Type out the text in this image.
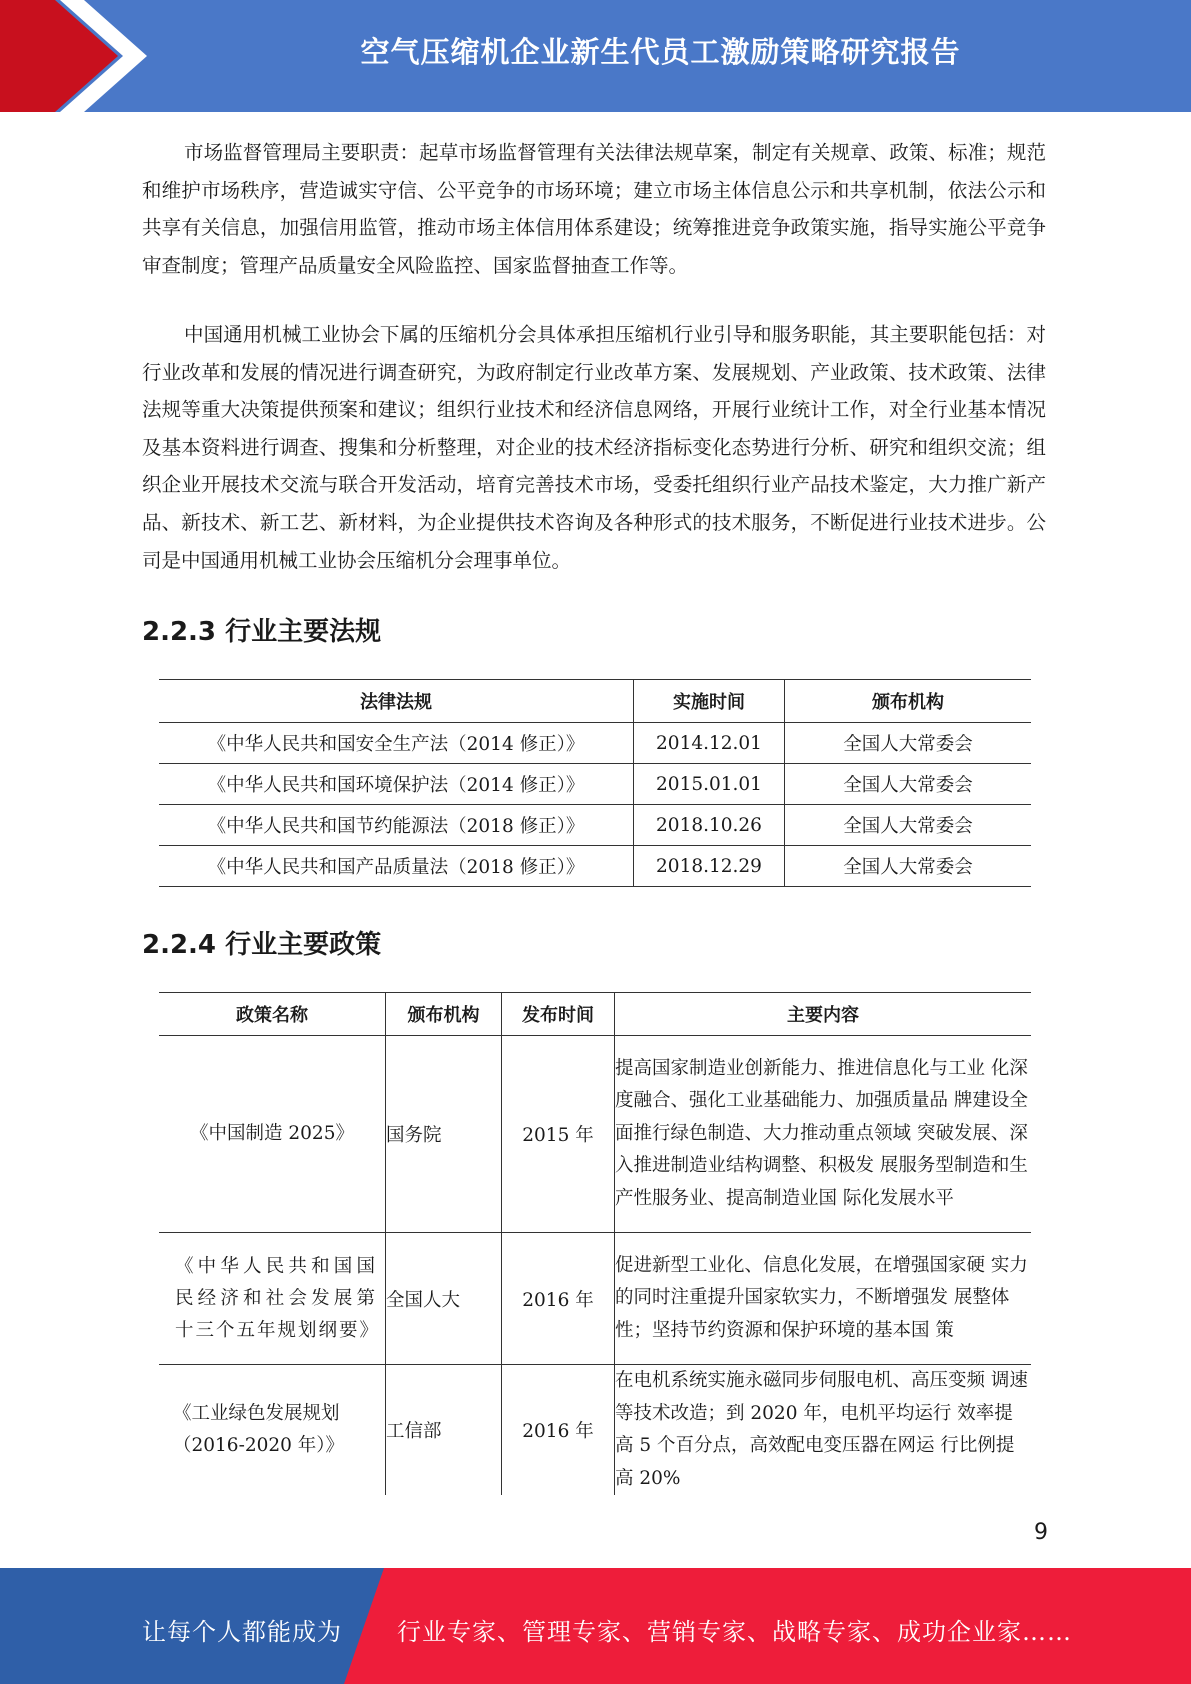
空气压缩机企业新生代员工激励策略研究报告

市场监督管理局主要职责：起草市场监督管理有关法律法规草案，制定有关规章、政策、标准；规范和维护市场秩序，营造诚实守信、公平竞争的市场环境；建立市场主体信息公示和共享机制，依法公示和共享有关信息，加强信用监管，推动市场主体信用体系建设；统筹推进竞争政策实施，指导实施公平竞争审查制度；管理产品质量安全风险监控、国家监督抽查工作等。

中国通用机械工业协会下属的压缩机分会具体承担压缩机行业引导和服务职能，其主要职能包括：对行业改革和发展的情况进行调查研究，为政府制定行业改革方案、发展规划、产业政策、技术政策、法律法规等重大决策提供预案和建议；组织行业技术和经济信息网络，开展行业统计工作，对全行业基本情况及基本资料进行调查、搜集和分析整理，对企业的技术经济指标变化态势进行分析、研究和组织交流；组织企业开展技术交流与联合开发活动，培育完善技术市场，受委托组织行业产品技术鉴定，大力推广新产品、新技术、新工艺、新材料，为企业提供技术咨询及各种形式的技术服务，不断促进行业技术进步。公司是中国通用机械工业协会压缩机分会理事单位。

2.2.3 行业主要法规
法律法规	实施时间	颁布机构
《中华人民共和国安全生产法（2014 修正）》	2014.12.01	全国人大常委会
《中华人民共和国环境保护法（2014 修正）》	2015.01.01	全国人大常委会
《中华人民共和国节约能源法（2018 修正）》	2018.10.26	全国人大常委会
《中华人民共和国产品质量法（2018 修正）》	2018.12.29	全国人大常委会
2.2.4 行业主要政策
政策名称	颁布机构	发布时间	主要内容
《中国制造 2025》	国务院	2015 年	提高国家制造业创新能力、推进信息化与工业 化深度融合、强化工业基础能力、加强质量品 牌建设全面推行绿色制造、大力推动重点领域 突破发展、深入推进制造业结构调整、积极发 展服务型制造和生产性服务业、提高制造业国 际化发展水平
《中华人民共和国国民经济和社会发展第十三个五年规划纲要》	全国人大	2016 年	促进新型工业化、信息化发展，在增强国家硬 实力的同时注重提升国家软实力，不断增强发 展整体性；坚持节约资源和保护环境的基本国 策
《工业绿色发展规划（2016-2020 年）》	工信部	2016 年	在电机系统实施永磁同步伺服电机、高压变频 调速等技术改造；到 2020 年，电机平均运行 效率提高 5 个百分点，高效配电变压器在网运 行比例提高 20%
9
让每个人都能成为 行业专家、管理专家、营销专家、战略专家、成功企业家……
